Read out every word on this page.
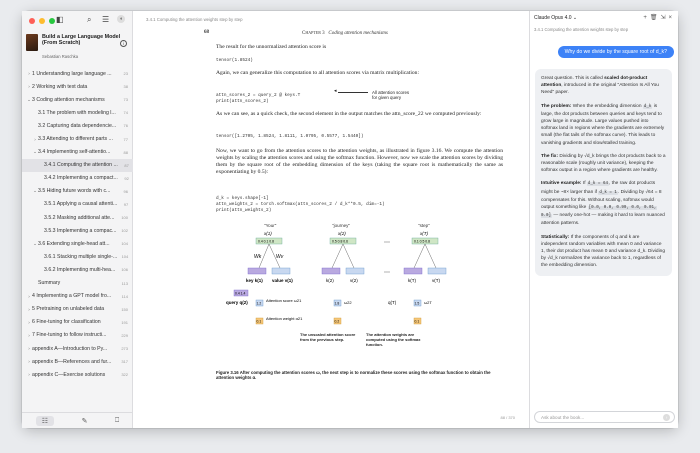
◧	⌕ ☰	◖
Build a Large Language Model (From Scratch)
Sebastian Raschka
i
› 1 Understanding large language ...	23
› 2 Working with text data	38
⌄ 3 Coding attention mechanisms	73
3.1 The problem with modeling l...	74
3.2 Capturing data dependencie...	76
› 3.3 Attending to different parts ...	77
⌄ 3.4 Implementing self-attentio...	88
3.4.1 Computing the attention ...	87
3.4.2 Implementing a compact...	92
⌄ 3.5 Hiding future words with c...	96
3.5.1 Applying a causal attenti...	97
3.5.2 Masking additional atte...	100
3.5.3 Implementing a compac...	102
⌄ 3.6 Extending single-head att...	104
3.6.1 Stacking multiple single-...	104
3.6.2 Implementing multi-hea...	106
Summary	113
› 4 Implementing a GPT model fro...	114
› 5 Pretraining on unlabeled data	150
› 6 Fine-tuning for classification	191
› 7 Fine-tuning to follow instructi...	229
› appendix A—Introduction to Py...	273
› appendix B—References and fur...	317
› appendix C—Exercise solutions	322
☷	✎	⎕
3.4.1 Computing the attention weights step by step
68	Chapter 3 Coding attention mechanisms
The result for the unnormalized attention score is
tensor(1.8524)
Again, we can generalize this computation to all attention scores via matrix multiplication:
attn_scores_2 = query_2 @ keys.T
print(attn_scores_2)
◂	All attention scores
for given query
As we can see, as a quick check, the second element in the output matches the attn_score_22 we computed previously:
tensor([1.2705, 1.8524, 1.8111, 1.0795, 0.5577, 1.5440])
Now, we want to go from the attention scores to the attention weights, as illustrated in figure 3.16. We compute the attention weights by scaling the attention scores and using the softmax function. However, now we scale the attention scores by dividing them by the square root of the embedding dimension of the keys (taking the square root is mathematically the same as exponentiating by 0.5):
d_k = keys.shape[-1]
attn_weights_2 = torch.softmax(attn_scores_2 / d_k**0.5, dim=-1)
print(attn_weights_2)
"Your"
x(1)
0.4 0.1 0.8
Wk	Wv
key k(1) value v(1)
0.4 1.4
query q(2)	1.2
Attention score ω21
0.1
Attention weight α21
"journey"
x(2)
0.5 0.8 0.6
k(2)	v(2)
1.8 ω22
0.2
⋯
⋯
"step"
x(T)
0.1 0.5 0.8
k(T)	v(T)
q(T)	1.5 ω2T
0.1
The unscaled attention score from the previous step.
The attention weights are computed using the softmax function.
Figure 3.16 After computing the attention scores ω, the next step is to normalize these scores using the softmax function to obtain the attention weights α.
88 / 370
Claude Opus 4.0 ⌄	+🗑⇲×
3.4.1 Computing the attention weights step by step
Why do we divide by the square root of d_k?

Great question. This is called scaled dot-product attention, introduced in the original "Attention Is All You Need" paper.

The problem: When the embedding dimension d_k is large, the dot products between queries and keys tend to grow large in magnitude. Large values pushed into softmax land in regions where the gradients are extremely small (the flat tails of the softmax curve). This leads to vanishing gradients and slow/stalled training.

The fix: Dividing by √d_k brings the dot products back to a reasonable scale (roughly unit variance), keeping the softmax output in a region where gradients are healthy.

Intuitive example: If d_k = 64, the raw dot products might be ~8× larger than if d_k = 1. Dividing by √64 = 8 compensates for this. Without scaling, softmax would output something like [0.0, 0.0, 0.99, 0.0, 0.01, 0.0] — nearly one-hot — making it hard to learn nuanced attention patterns.

Statistically: If the components of q and k are independent random variables with mean 0 and variance 1, their dot product has mean 0 and variance d_k. Dividing by √d_k normalizes the variance back to 1, regardless of the embedding dimension.

Ask about the book...	↑
